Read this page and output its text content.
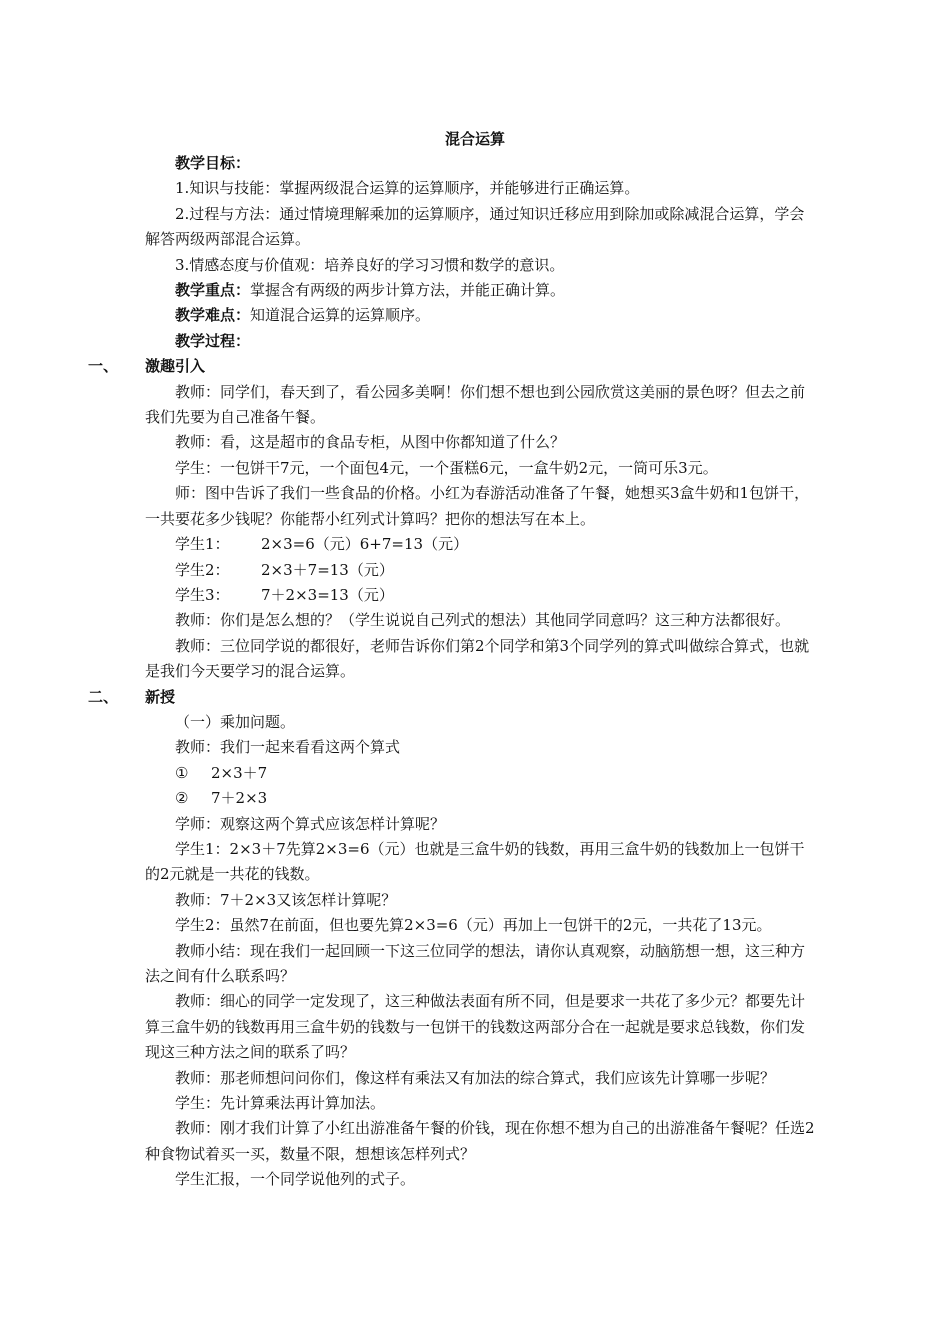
混合运算

教学目标：

1.知识与技能：掌握两级混合运算的运算顺序，并能够进行正确运算。

2.过程与方法：通过情境理解乘加的运算顺序，通过知识迁移应用到除加或除减混合运算，学会解答两级两部混合运算。

3.情感态度与价值观：培养良好的学习习惯和数学的意识。

教学重点：掌握含有两级的两步计算方法，并能正确计算。

教学难点：知道混合运算的运算顺序。

教学过程：

一、 激趣引入

教师：同学们，春天到了，看公园多美啊！你们想不想也到公园欣赏这美丽的景色呀？但去之前我们先要为自己准备午餐。

教师：看，这是超市的食品专柜，从图中你都知道了什么？

学生：一包饼干7元，一个面包4元，一个蛋糕6元，一盒牛奶2元，一筒可乐3元。

师：图中告诉了我们一些食品的价格。小红为春游活动准备了午餐，她想买3盒牛奶和1包饼干，一共要花多少钱呢？你能帮小红列式计算吗？把你的想法写在本上。

学生1： 2×3=6（元）6+7=13（元）

学生2： 2×3＋7=13（元）

学生3： 7＋2×3=13（元）

教师：你们是怎么想的？（学生说说自己列式的想法）其他同学同意吗？这三种方法都很好。

教师：三位同学说的都很好，老师告诉你们第2个同学和第3个同学列的算式叫做综合算式，也就是我们今天要学习的混合运算。

二、 新授

（一）乘加问题。

教师：我们一起来看看这两个算式

① 2×3＋7

② 7＋2×3

学师：观察这两个算式应该怎样计算呢？

学生1：2×3＋7先算2×3=6（元）也就是三盒牛奶的钱数，再用三盒牛奶的钱数加上一包饼干的2元就是一共花的钱数。

教师：7＋2×3又该怎样计算呢？

学生2：虽然7在前面，但也要先算2×3=6（元）再加上一包饼干的2元，一共花了13元。

教师小结：现在我们一起回顾一下这三位同学的想法，请你认真观察，动脑筋想一想，这三种方法之间有什么联系吗？

教师：细心的同学一定发现了，这三种做法表面有所不同，但是要求一共花了多少元？都要先计算三盒牛奶的钱数再用三盒牛奶的钱数与一包饼干的钱数这两部分合在一起就是要求总钱数，你们发现这三种方法之间的联系了吗？

教师：那老师想问问你们，像这样有乘法又有加法的综合算式，我们应该先计算哪一步呢？

学生：先计算乘法再计算加法。

教师：刚才我们计算了小红出游准备午餐的价钱，现在你想不想为自己的出游准备午餐呢？任选2种食物试着买一买，数量不限，想想该怎样列式？

学生汇报，一个同学说他列的式子。
